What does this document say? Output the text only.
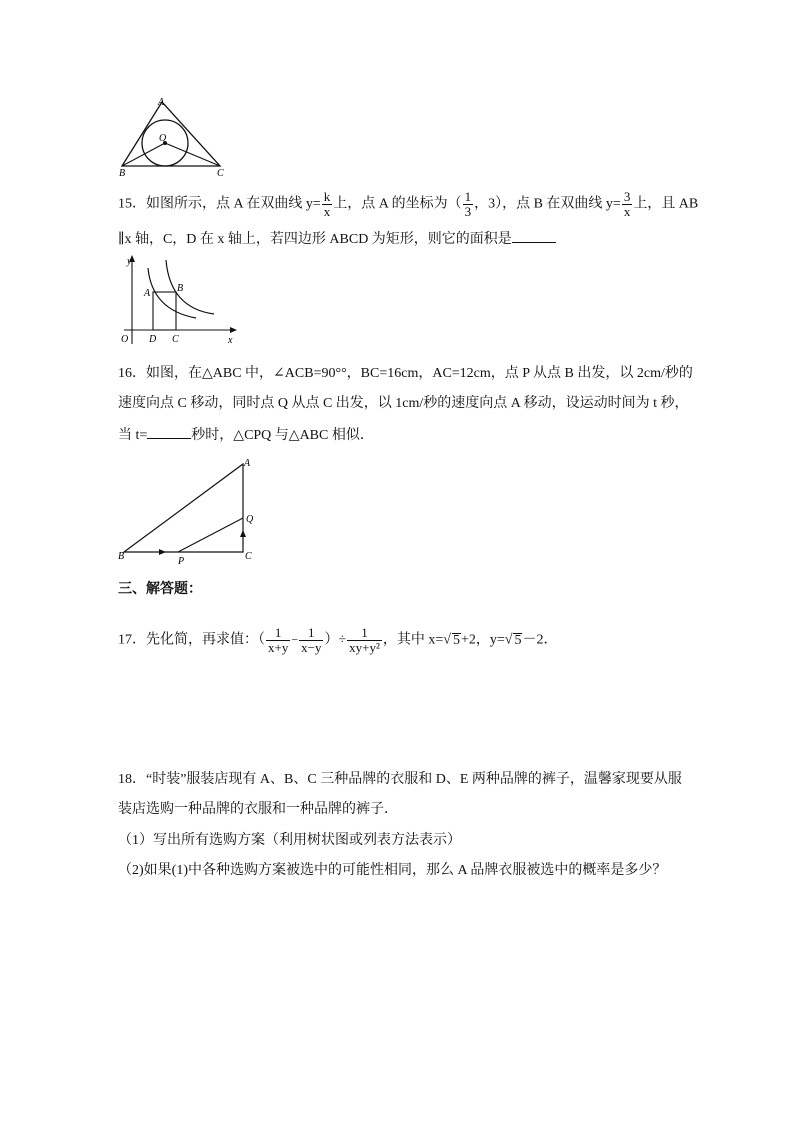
A
O
B	C
15．如图所示，点 A 在双曲线 $y= \frac{k}{x}$ 上，点 A 的坐标为（ $\frac{1}{3}$ ，3），点 B 在双曲线 $y= \frac{3}{x}$ 上，且 AB
∥x 轴，C，D 在 x 轴上，若四边形 ABCD 为矩形，则它的面积是
y
A	B
O D C	x
16．如图，在△ABC 中，∠ACB=90°°，BC=16cm，AC=12cm，点 P 从点 B 出发，以 2cm/秒的
速度向点 C 移动，同时点 Q 从点 C 出发，以 1cm/秒的速度向点 A 移动，设运动时间为 t 秒，
当 t=	秒时，△CPQ 与△ABC 相似．
A
Q
B	P	C
三、解答题：
17．先化简，再求值：（ $\frac{1}{x+y} - \frac{1}{x-y}$ ）÷ $\frac{1}{\text{xy+y²}}$ ，其中 x=√ 5+2，y=√ 5－2．
18．“时装”服装店现有 A、B、C 三种品牌的衣服和 D、E 两种品牌的裤子，温馨家现要从服
装店选购一种品牌的衣服和一种品牌的裤子．
（1）写出所有选购方案（利用树状图或列表方法表示）
（2)如果(1)中各种选购方案被选中的可能性相同，那么 A 品牌衣服被选中的概率是多少？
